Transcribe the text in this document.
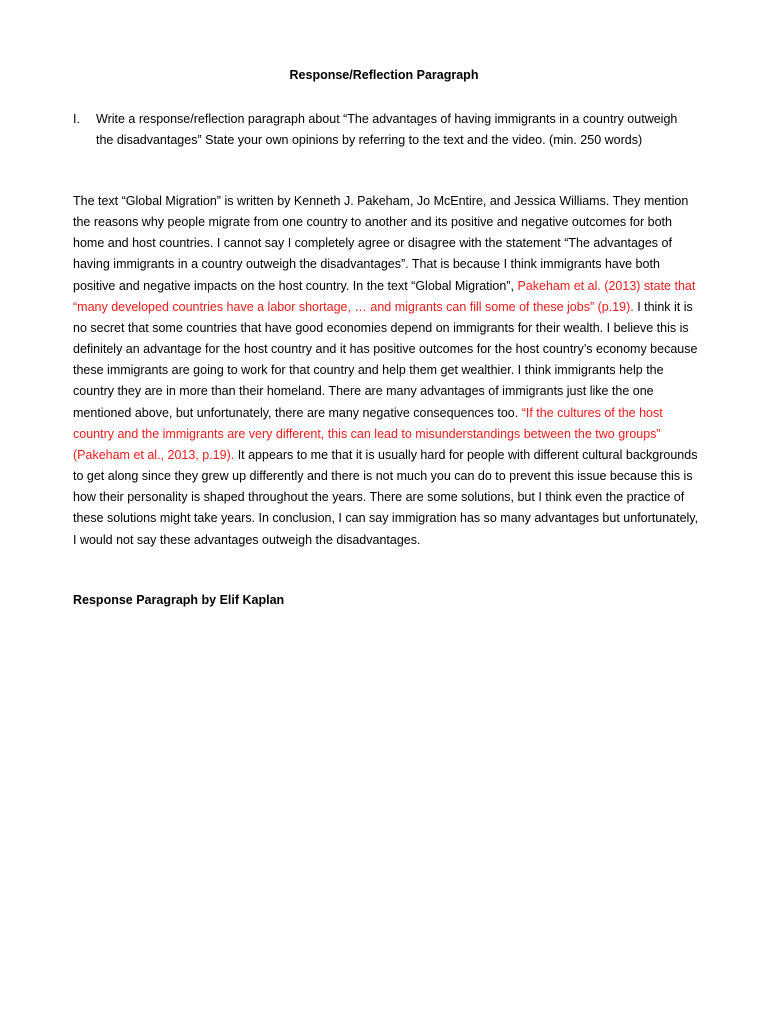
Response/Reflection Paragraph
I.	Write a response/reflection paragraph about “The advantages of having immigrants in a country outweigh the disadvantages” State your own opinions by referring to the text and the video. (min. 250 words)

The text “Global Migration” is written by Kenneth J. Pakeham, Jo McEntire, and Jessica Williams. They mention the reasons why people migrate from one country to another and its positive and negative outcomes for both home and host countries. I cannot say I completely agree or disagree with the statement “The advantages of having immigrants in a country outweigh the disadvantages”. That is because I think immigrants have both positive and negative impacts on the host country. In the text “Global Migration”, Pakeham et al. (2013) state that “many developed countries have a labor shortage, … and migrants can fill some of these jobs” (p.19). I think it is no secret that some countries that have good economies depend on immigrants for their wealth. I believe this is definitely an advantage for the host country and it has positive outcomes for the host country’s economy because these immigrants are going to work for that country and help them get wealthier. I think immigrants help the country they are in more than their homeland. There are many advantages of immigrants just like the one mentioned above, but unfortunately, there are many negative consequences too. “If the cultures of the host country and the immigrants are very different, this can lead to misunderstandings between the two groups” (Pakeham et al., 2013, p.19). It appears to me that it is usually hard for people with different cultural backgrounds to get along since they grew up differently and there is not much you can do to prevent this issue because this is how their personality is shaped throughout the years. There are some solutions, but I think even the practice of these solutions might take years. In conclusion, I can say immigration has so many advantages but unfortunately, I would not say these advantages outweigh the disadvantages.

Response Paragraph by Elif Kaplan
